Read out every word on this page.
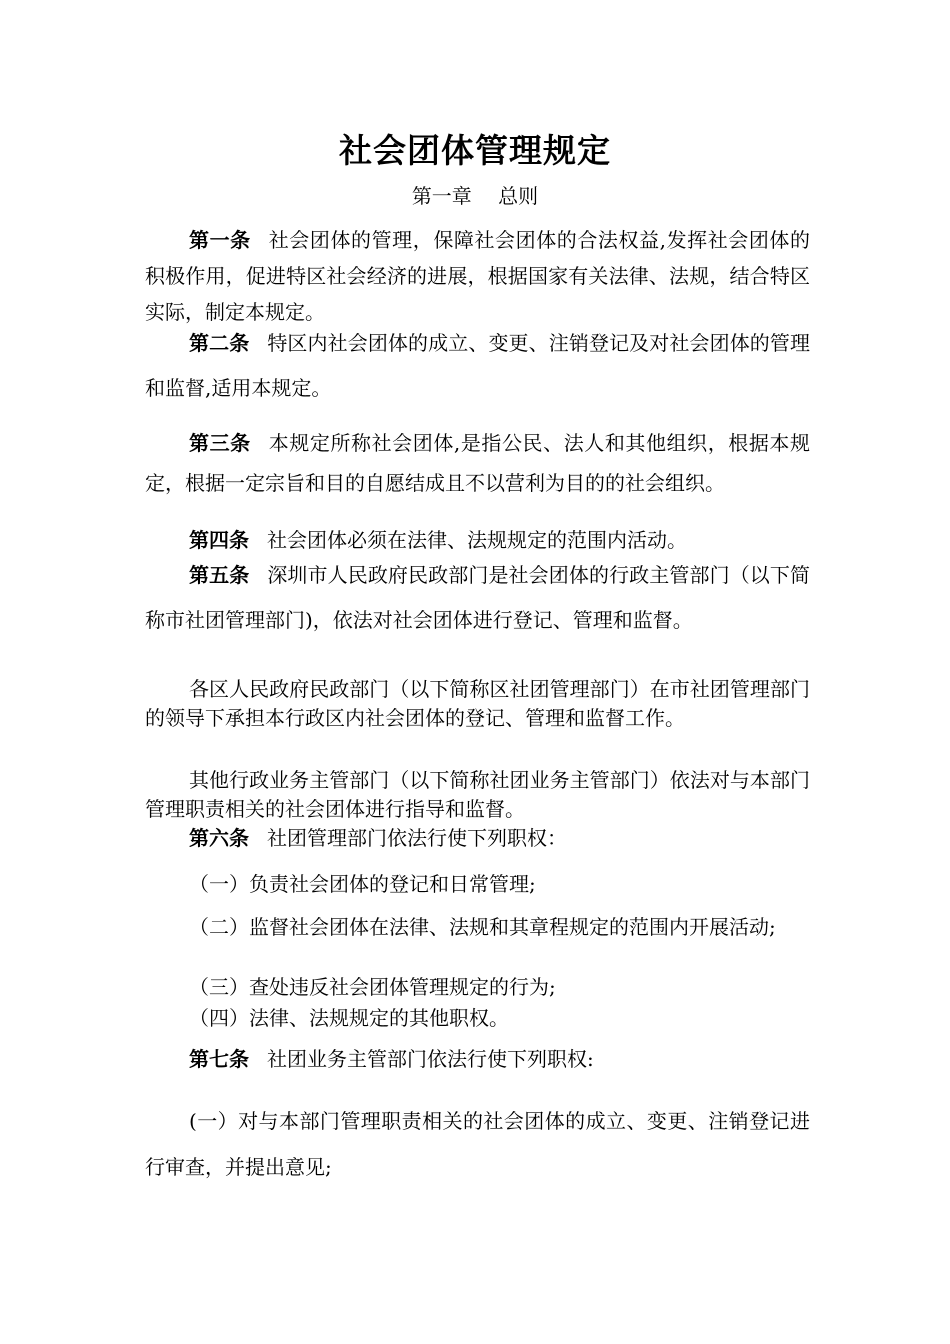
社会团体管理规定
第一章　 总则
第一条 社会团体的管理，保障社会团体的合法权益,发挥社会团体的积极作用，促进特区社会经济的进展，根据国家有关法律、法规，结合特区实际，制定本规定。
第二条 特区内社会团体的成立、变更、注销登记及对社会团体的管理和监督,适用本规定。
第三条 本规定所称社会团体,是指公民、法人和其他组织，根据本规定，根据一定宗旨和目的自愿结成且不以营利为目的的社会组织。
第四条 社会团体必须在法律、法规规定的范围内活动。
第五条 深圳市人民政府民政部门是社会团体的行政主管部门（以下简称市社团管理部门)，依法对社会团体进行登记、管理和监督。
各区人民政府民政部门（以下简称区社团管理部门）在市社团管理部门的领导下承担本行政区内社会团体的登记、管理和监督工作。
其他行政业务主管部门（以下简称社团业务主管部门）依法对与本部门管理职责相关的社会团体进行指导和监督。
第六条 社团管理部门依法行使下列职权：
（一）负责社会团体的登记和日常管理;
（二）监督社会团体在法律、法规和其章程规定的范围内开展活动;
（三）查处违反社会团体管理规定的行为;
（四）法律、法规规定的其他职权。
第七条 社团业务主管部门依法行使下列职权:
(一）对与本部门管理职责相关的社会团体的成立、变更、注销登记进行审查，并提出意见;
